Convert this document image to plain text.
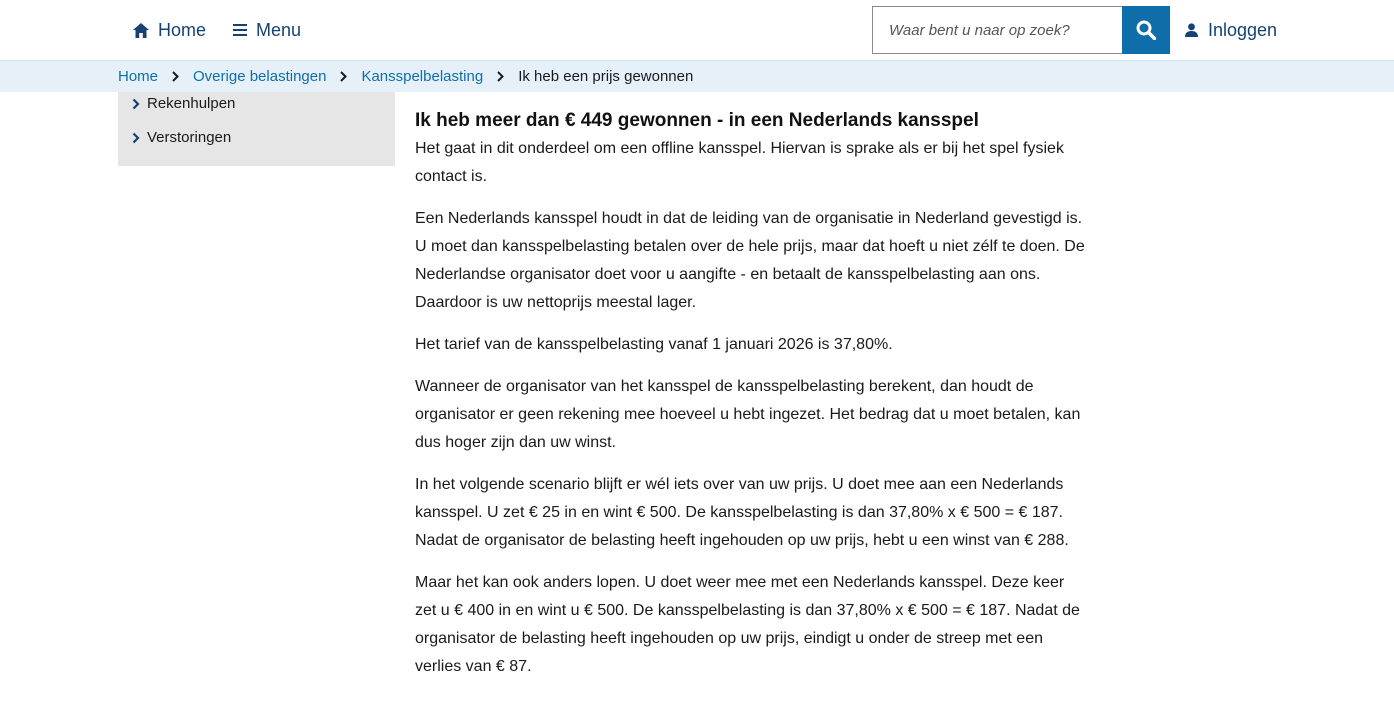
Home	Menu
Waar bent u naar op zoek?	Inloggen
Home Overige belastingen Kansspelbelasting Ik heb een prijs gewonnen
Rekenhulpen
Verstoringen
Ik heb meer dan € 449 gewonnen - in een Nederlands kansspel

Het gaat in dit onderdeel om een offline kansspel. Hiervan is sprake als er bij het spel fysiek contact is.

Een Nederlands kansspel houdt in dat de leiding van de organisatie in Nederland gevestigd is. U moet dan kansspelbelasting betalen over de hele prijs, maar dat hoeft u niet zélf te doen. De Nederlandse organisator doet voor u aangifte - en betaalt de kansspelbelasting aan ons. Daardoor is uw nettoprijs meestal lager.

Het tarief van de kansspelbelasting vanaf 1 januari 2026 is 37,80%.

Wanneer de organisator van het kansspel de kansspelbelasting berekent, dan houdt de organisator er geen rekening mee hoeveel u hebt ingezet. Het bedrag dat u moet betalen, kan dus hoger zijn dan uw winst.

In het volgende scenario blijft er wél iets over van uw prijs. U doet mee aan een Nederlands kansspel. U zet € 25 in en wint € 500. De kansspelbelasting is dan 37,80% x € 500 = € 187. Nadat de organisator de belasting heeft ingehouden op uw prijs, hebt u een winst van € 288.

Maar het kan ook anders lopen. U doet weer mee met een Nederlands kansspel. Deze keer zet u € 400 in en wint u € 500. De kansspelbelasting is dan 37,80% x € 500 = € 187. Nadat de organisator de belasting heeft ingehouden op uw prijs, eindigt u onder de streep met een verlies van € 87.
